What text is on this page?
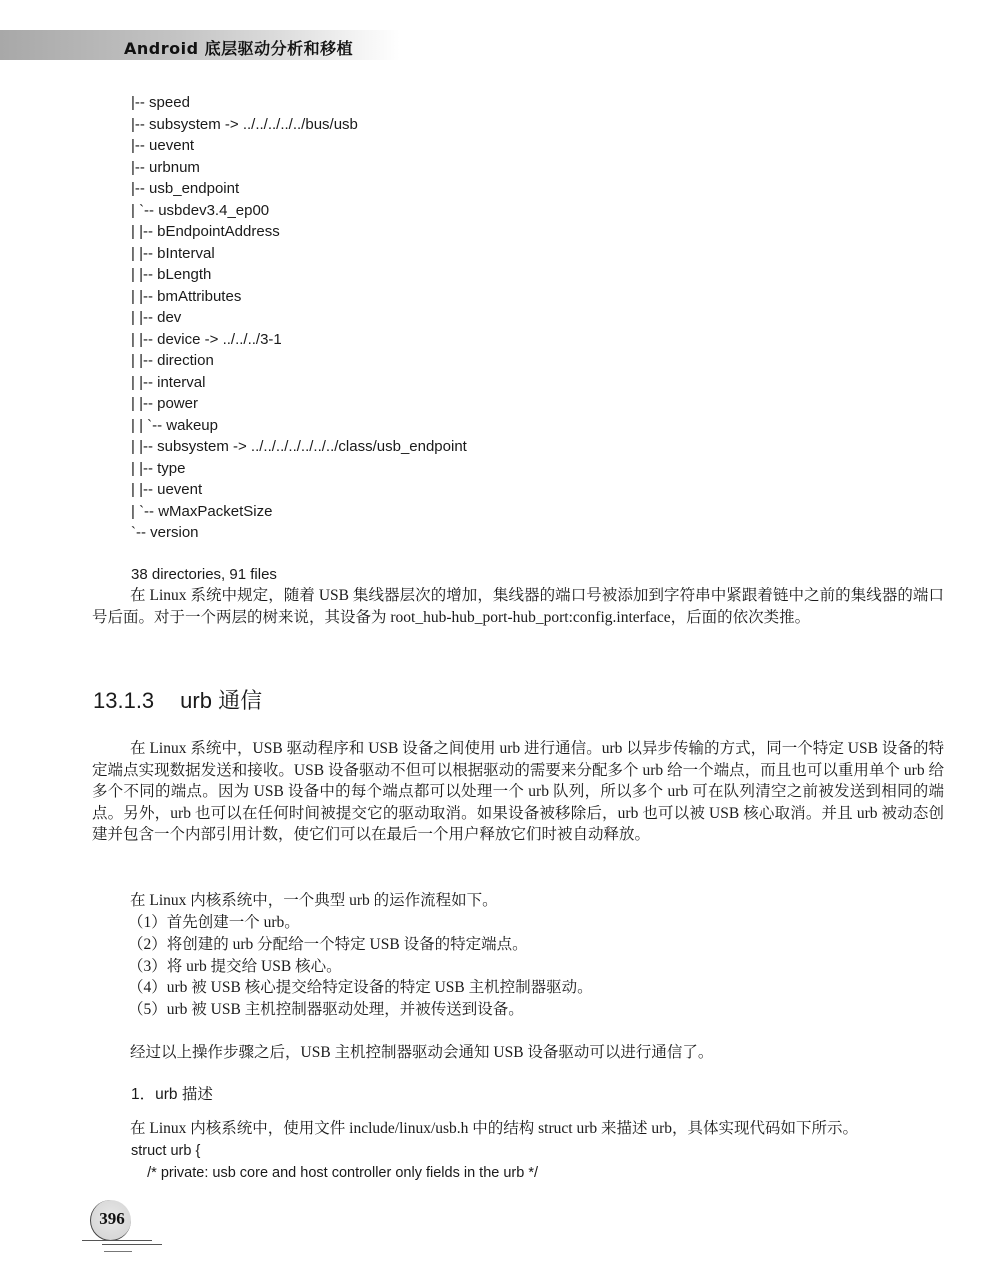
Android 底层驱动分析和移植
|-- speed
|-- subsystem -> ../../../../../bus/usb
|-- uevent
|-- urbnum
|-- usb_endpoint
| `-- usbdev3.4_ep00
| |-- bEndpointAddress
| |-- bInterval
| |-- bLength
| |-- bmAttributes
| |-- dev
| |-- device -> ../../../3-1
| |-- direction
| |-- interval
| |-- power
| | `-- wakeup
| |-- subsystem -> ../../../../../../../class/usb_endpoint
| |-- type
| |-- uevent
| `-- wMaxPacketSize
`-- version
38 directories, 91 files

在 Linux 系统中规定，随着 USB 集线器层次的增加，集线器的端口号被添加到字符串中紧跟着链中之前的集线器的端口号后面。对于一个两层的树来说，其设备为 root_hub-hub_port-hub_port:config.interface，后面的依次类推。

13.1.3 urb 通信

在 Linux 系统中，USB 驱动程序和 USB 设备之间使用 urb 进行通信。urb 以异步传输的方式，同一个特定 USB 设备的特定端点实现数据发送和接收。USB 设备驱动不但可以根据驱动的需要来分配多个 urb 给一个端点，而且也可以重用单个 urb 给多个不同的端点。因为 USB 设备中的每个端点都可以处理一个 urb 队列，所以多个 urb 可在队列清空之前被发送到相同的端点。另外，urb 也可以在任何时间被提交它的驱动取消。如果设备被移除后，urb 也可以被 USB 核心取消。并且 urb 被动态创建并包含一个内部引用计数，使它们可以在最后一个用户释放它们时被自动释放。

在 Linux 内核系统中，一个典型 urb 的运作流程如下。

（1）首先创建一个 urb。
（2）将创建的 urb 分配给一个特定 USB 设备的特定端点。
（3）将 urb 提交给 USB 核心。
（4）urb 被 USB 核心提交给特定设备的特定 USB 主机控制器驱动。
（5）urb 被 USB 主机控制器驱动处理，并被传送到设备。

经过以上操作步骤之后，USB 主机控制器驱动会通知 USB 设备驱动可以进行通信了。

1．urb 描述

在 Linux 内核系统中，使用文件 include/linux/usb.h 中的结构 struct urb 来描述 urb，具体实现代码如下所示。

struct urb {
/* private: usb core and host controller only fields in the urb */
396
